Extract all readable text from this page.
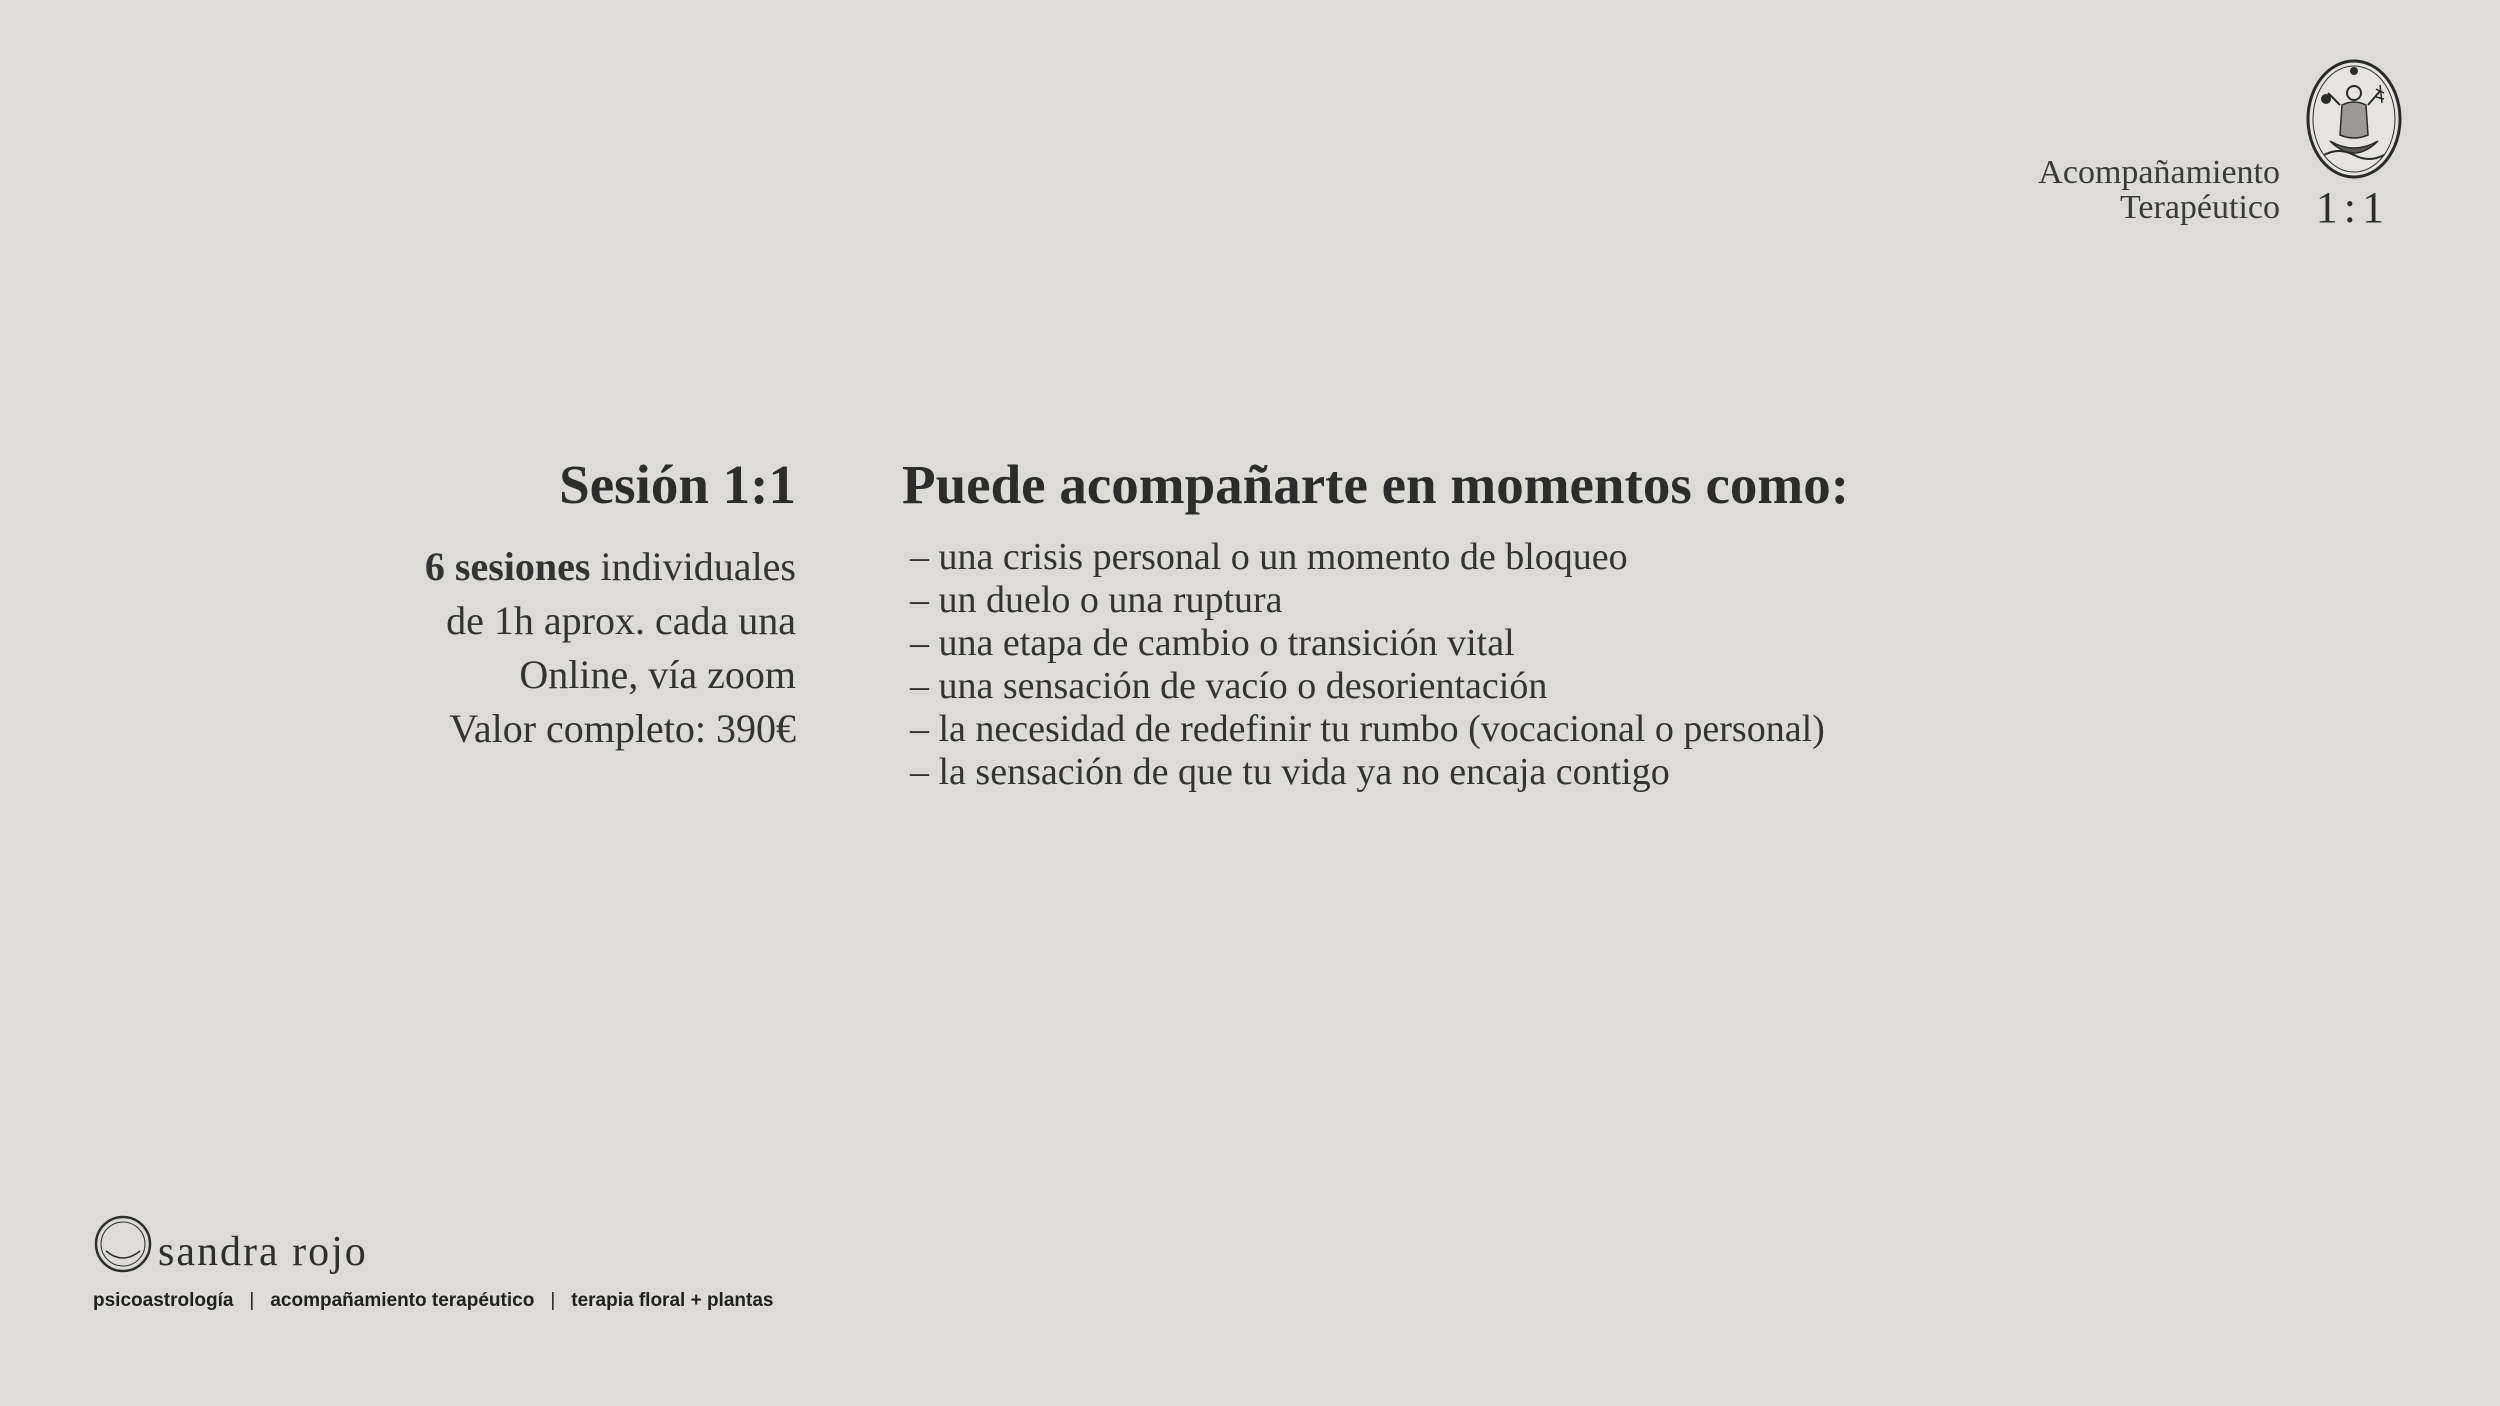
Acompañamiento
Terapéutico 1:1
Sesión 1:1
6 sesiones individuales
de 1h aprox. cada una
Online, vía zoom
Valor completo: 390€
Puede acompañarte en momentos como:
– una crisis personal o un momento de bloqueo
– un duelo o una ruptura
– una etapa de cambio o transición vital
– una sensación de vacío o desorientación
– la necesidad de redefinir tu rumbo (vocacional o personal)
– la sensación de que tu vida ya no encaja contigo
sandra rojo
psicoastrología | acompañamiento terapéutico | terapia floral + plantas
